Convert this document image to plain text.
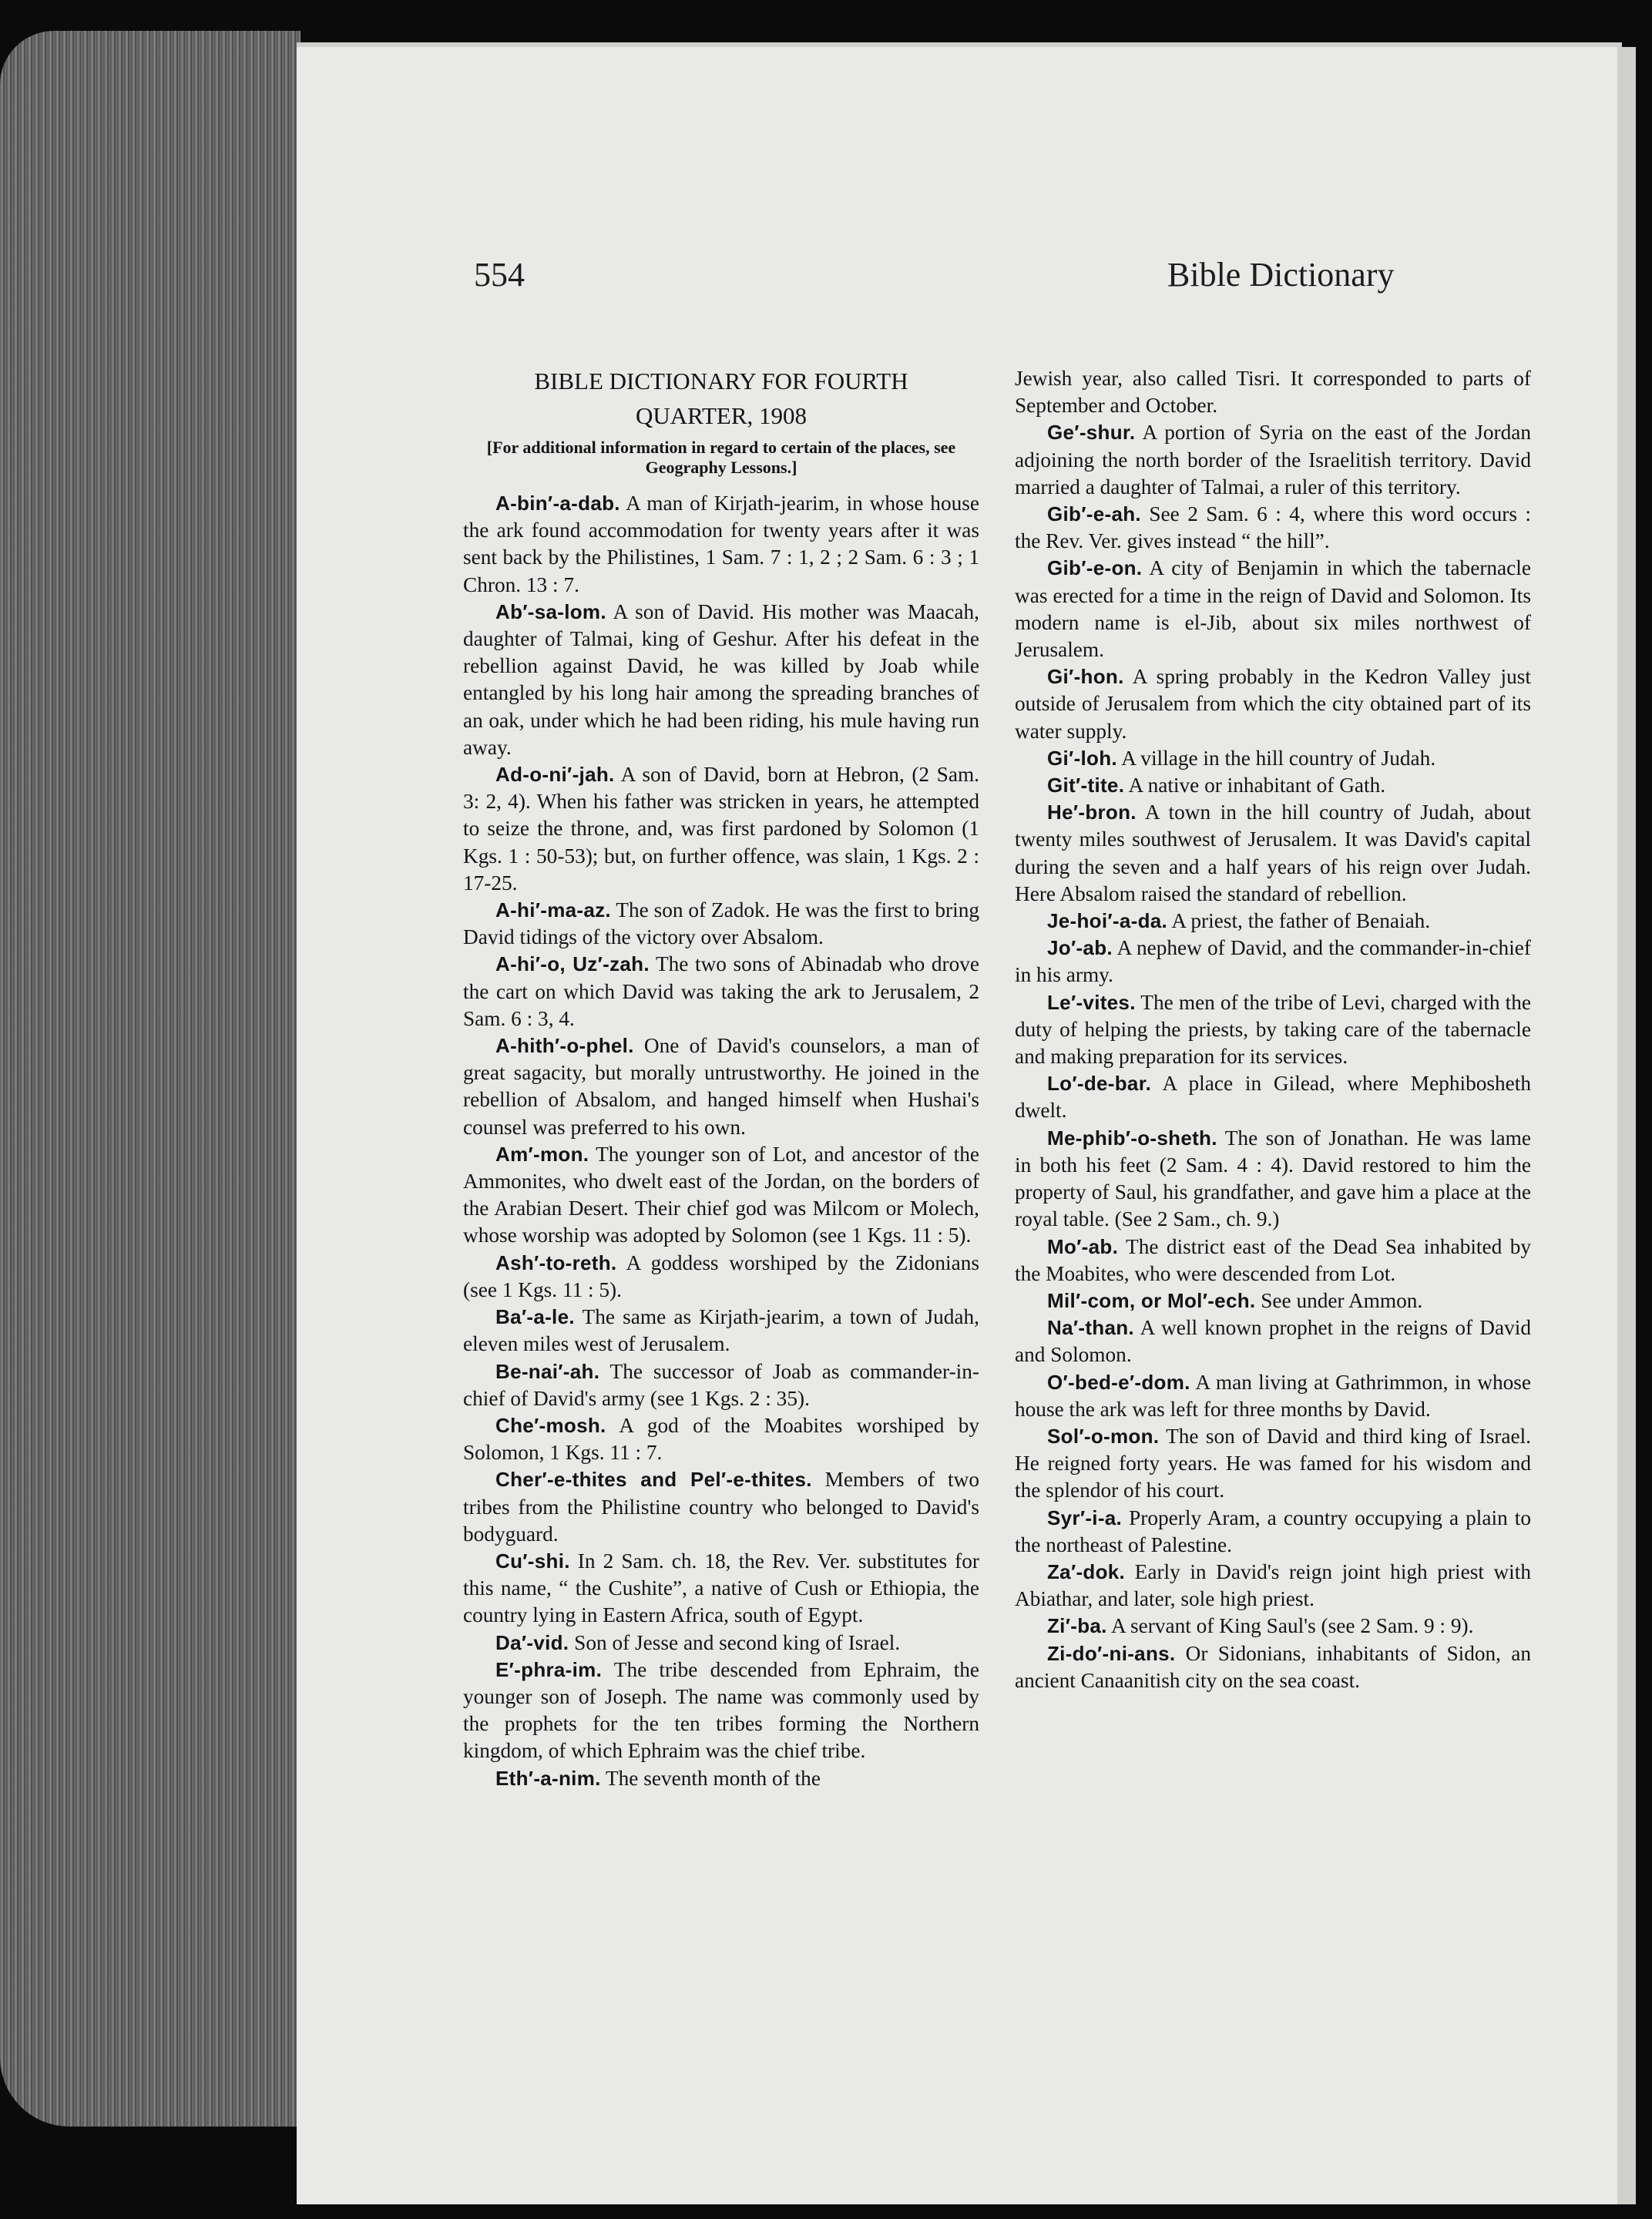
554	Bible Dictionary
BIBLE DICTIONARY FOR FOURTH
QUARTER, 1908
[For additional information in regard to certain of the places, see Geography Lessons.]

A-bin′-a-dab. A man of Kirjath-jearim, in whose house the ark found accommodation for twenty years after it was sent back by the Philistines, 1 Sam. 7 : 1, 2 ; 2 Sam. 6 : 3 ; 1 Chron. 13 : 7.

Ab′-sa-lom. A son of David. His mother was Maacah, daughter of Talmai, king of Geshur. After his defeat in the rebellion against David, he was killed by Joab while entangled by his long hair among the spreading branches of an oak, under which he had been riding, his mule having run away.

Ad-o-ni′-jah. A son of David, born at Hebron, (2 Sam. 3: 2, 4). When his father was stricken in years, he attempted to seize the throne, and, was first pardoned by Solomon (1 Kgs. 1 : 50-53); but, on further offence, was slain, 1 Kgs. 2 : 17-25.

A-hi′-ma-az. The son of Zadok. He was the first to bring David tidings of the victory over Absalom.

A-hi′-o, Uz′-zah. The two sons of Abinadab who drove the cart on which David was taking the ark to Jerusalem, 2 Sam. 6 : 3, 4.

A-hith′-o-phel. One of David's counselors, a man of great sagacity, but morally untrustworthy. He joined in the rebellion of Absalom, and hanged himself when Hushai's counsel was preferred to his own.

Am′-mon. The younger son of Lot, and ancestor of the Ammonites, who dwelt east of the Jordan, on the borders of the Arabian Desert. Their chief god was Milcom or Molech, whose worship was adopted by Solomon (see 1 Kgs. 11 : 5).

Ash′-to-reth. A goddess worshiped by the Zidonians (see 1 Kgs. 11 : 5).

Ba′-a-le. The same as Kirjath-jearim, a town of Judah, eleven miles west of Jerusalem.

Be-nai′-ah. The successor of Joab as commander-in-chief of David's army (see 1 Kgs. 2 : 35).

Che′-mosh. A god of the Moabites worshiped by Solomon, 1 Kgs. 11 : 7.

Cher′-e-thites and Pel′-e-thites. Members of two tribes from the Philistine country who belonged to David's bodyguard.

Cu′-shi. In 2 Sam. ch. 18, the Rev. Ver. substitutes for this name, “ the Cushite”, a native of Cush or Ethiopia, the country lying in Eastern Africa, south of Egypt.

Da′-vid. Son of Jesse and second king of Israel.

E′-phra-im. The tribe descended from Ephraim, the younger son of Joseph. The name was commonly used by the prophets for the ten tribes forming the Northern kingdom, of which Ephraim was the chief tribe.

Eth′-a-nim. The seventh month of the

Jewish year, also called Tisri. It corresponded to parts of September and October.

Ge′-shur. A portion of Syria on the east of the Jordan adjoining the north border of the Israelitish territory. David married a daughter of Talmai, a ruler of this territory.

Gib′-e-ah. See 2 Sam. 6 : 4, where this word occurs : the Rev. Ver. gives instead “ the hill”.

Gib′-e-on. A city of Benjamin in which the tabernacle was erected for a time in the reign of David and Solomon. Its modern name is el-Jib, about six miles northwest of Jerusalem.

Gi′-hon. A spring probably in the Kedron Valley just outside of Jerusalem from which the city obtained part of its water supply.

Gi′-loh. A village in the hill country of Judah.

Git′-tite. A native or inhabitant of Gath.

He′-bron. A town in the hill country of Judah, about twenty miles southwest of Jerusalem. It was David's capital during the seven and a half years of his reign over Judah. Here Absalom raised the standard of rebellion.

Je-hoi′-a-da. A priest, the father of Benaiah.

Jo′-ab. A nephew of David, and the commander-in-chief in his army.

Le′-vites. The men of the tribe of Levi, charged with the duty of helping the priests, by taking care of the tabernacle and making preparation for its services.

Lo′-de-bar. A place in Gilead, where Mephibosheth dwelt.

Me-phib′-o-sheth. The son of Jonathan. He was lame in both his feet (2 Sam. 4 : 4). David restored to him the property of Saul, his grandfather, and gave him a place at the royal table. (See 2 Sam., ch. 9.)

Mo′-ab. The district east of the Dead Sea inhabited by the Moabites, who were descended from Lot.

Mil′-com, or Mol′-ech. See under Ammon.

Na′-than. A well known prophet in the reigns of David and Solomon.

O′-bed-e′-dom. A man living at Gathrimmon, in whose house the ark was left for three months by David.

Sol′-o-mon. The son of David and third king of Israel. He reigned forty years. He was famed for his wisdom and the splendor of his court.

Syr′-i-a. Properly Aram, a country occupying a plain to the northeast of Palestine.

Za′-dok. Early in David's reign joint high priest with Abiathar, and later, sole high priest.

Zi′-ba. A servant of King Saul's (see 2 Sam. 9 : 9).

Zi-do′-ni-ans. Or Sidonians, inhabitants of Sidon, an ancient Canaanitish city on the sea coast.
